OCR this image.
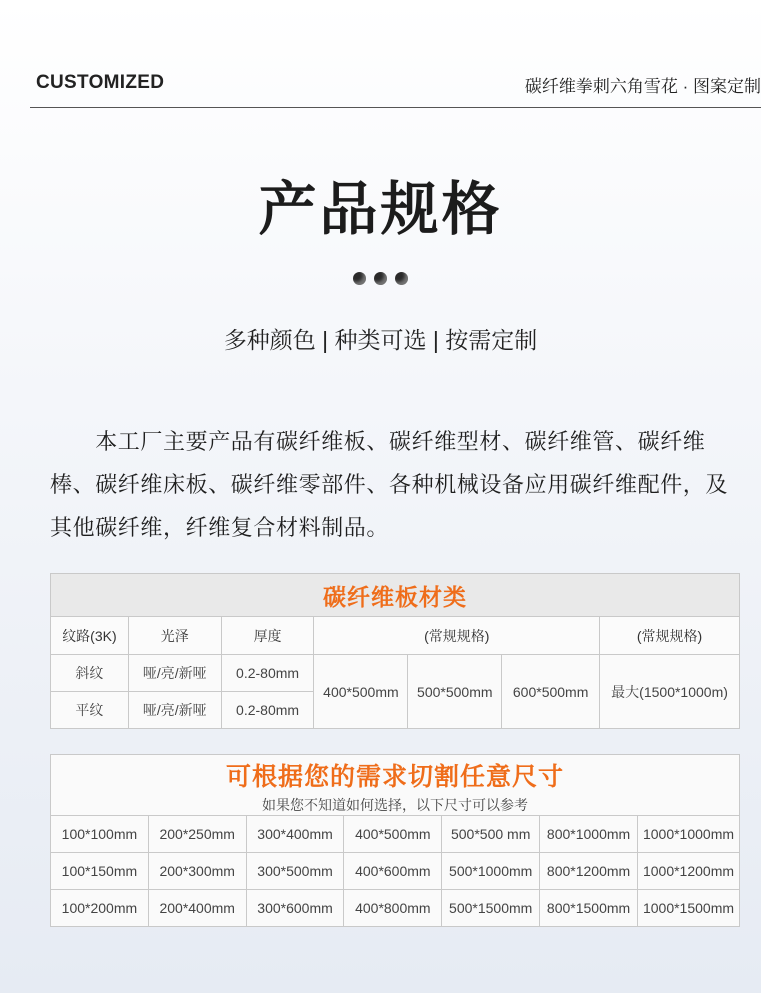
CUSTOMIZED	碳纤维拳刺六角雪花 · 图案定制
产品规格
多种颜色 | 种类可选 | 按需定制
　　本工厂主要产品有碳纤维板、碳纤维型材、碳纤维管、碳纤维棒、碳纤维床板、碳纤维零部件、各种机械设备应用碳纤维配件，及其他碳纤维，纤维复合材料制品。
碳纤维板材类						
纹路(3K)	光泽	厚度	(常规规格)			(常规规格)
斜纹	哑/亮/新哑	0.2-80mm	400*500mm	500*500mm	600*500mm	最大(1500*1000m)
平纹	哑/亮/新哑	0.2-80mm				
可根据您的需求切割任意尺寸
如果您不知道如何选择，以下尺寸可以参考						

100*100mm	200*250mm	300*400mm	400*500mm	500*500 mm	800*1000mm	1000*1000mm
100*150mm	200*300mm	300*500mm	400*600mm	500*1000mm	800*1200mm	1000*1200mm
100*200mm	200*400mm	300*600mm	400*800mm	500*1500mm	800*1500mm	1000*1500mm
